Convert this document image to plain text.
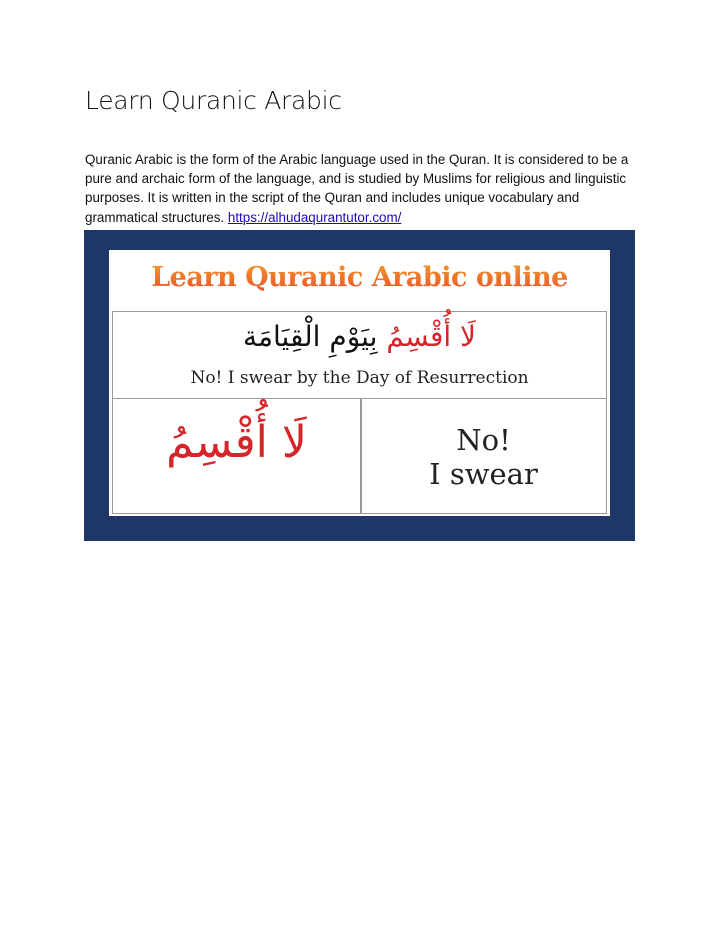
Learn Quranic Arabic

Quranic Arabic is the form of the Arabic language used in the Quran. It is considered to be a pure and archaic form of the language, and is studied by Muslims for religious and linguistic purposes. It is written in the script of the Quran and includes unique vocabulary and grammatical structures. https://alhudaqurantutor.com/

Learn Quranic Arabic online
لَا أُقْسِمُ بِيَوْمِ الْقِيَامَة
No! I swear by the Day of Resurrection
لَا أُقْسِمُ	No!
I swear
